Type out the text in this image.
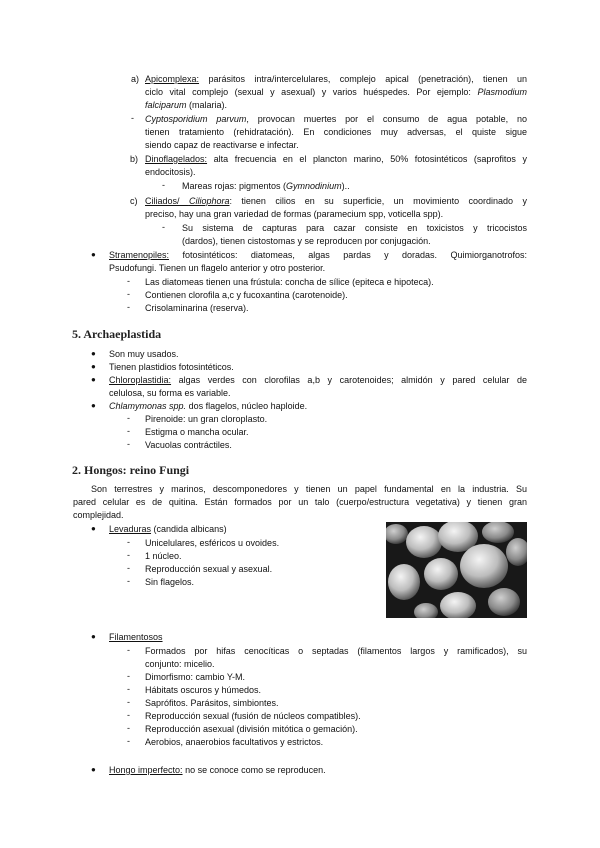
a) Apicomplexa: parásitos intra/intercelulares, complejo apical (penetración), tienen un
ciclo vital complejo (sexual y asexual) y varios huéspedes. Por ejemplo: Plasmodium
falciparum (malaria).
- Cyptosporidium parvum, provocan muertes por el consumo de agua potable, no
tienen tratamiento (rehidratación). En condiciones muy adversas, el quiste sigue
siendo capaz de reactivarse e infectar.
b) Dinoflagelados: alta frecuencia en el plancton marino, 50% fotosintéticos (saprofitos y
endocitosis).
- Mareas rojas: pigmentos (Gymnodinium)..
c) Ciliados/ Ciliophora: tienen cilios en su superficie, un movimiento coordinado y
preciso, hay una gran variedad de formas (paramecium spp, voticella spp).
- Su sistema de capturas para cazar consiste en toxicistos y tricocistos
(dardos), tienen cistostomas y se reproducen por conjugación.
● Stramenopiles: fotosintéticos: diatomeas, algas pardas y doradas. Quimiorganotrofos:
Psudofungi. Tienen un flagelo anterior y otro posterior.
- Las diatomeas tienen una frústula: concha de sílice (epiteca e hipoteca).
- Contienen clorofila a,c y fucoxantina (carotenoide).
- Crisolaminarina (reserva).
5. Archaeplastida
● Son muy usados.
● Tienen plastidios fotosintéticos.
● Chloroplastidia: algas verdes con clorofilas a,b y carotenoides; almidón y pared celular de
celulosa, su forma es variable.
● Chlamymonas spp. dos flagelos, núcleo haploide.
- Pirenoide: un gran cloroplasto.
- Estigma o mancha ocular.
- Vacuolas contráctiles.
2. Hongos: reino Fungi
Son terrestres y marinos, descomponedores y tienen un papel fundamental en la industria. Su
pared celular es de quitina. Están formados por un talo (cuerpo/estructura vegetativa) y tienen gran
complejidad.
● Levaduras (candida albicans)
- Unicelulares, esféricos u ovoides.
- 1 núcleo.
- Reproducción sexual y asexual.
- Sin flagelos.
● Filamentosos
- Formados por hifas cenocíticas o septadas (filamentos largos y ramificados), su
conjunto: micelio.
- Dimorfismo: cambio Y-M.
- Hábitats oscuros y húmedos.
- Saprófitos. Parásitos, simbiontes.
- Reproducción sexual (fusión de núcleos compatibles).
- Reproducción asexual (división mitótica o gemación).
- Aerobios, anaerobios facultativos y estrictos.
● Hongo imperfecto: no se conoce como se reproducen.
